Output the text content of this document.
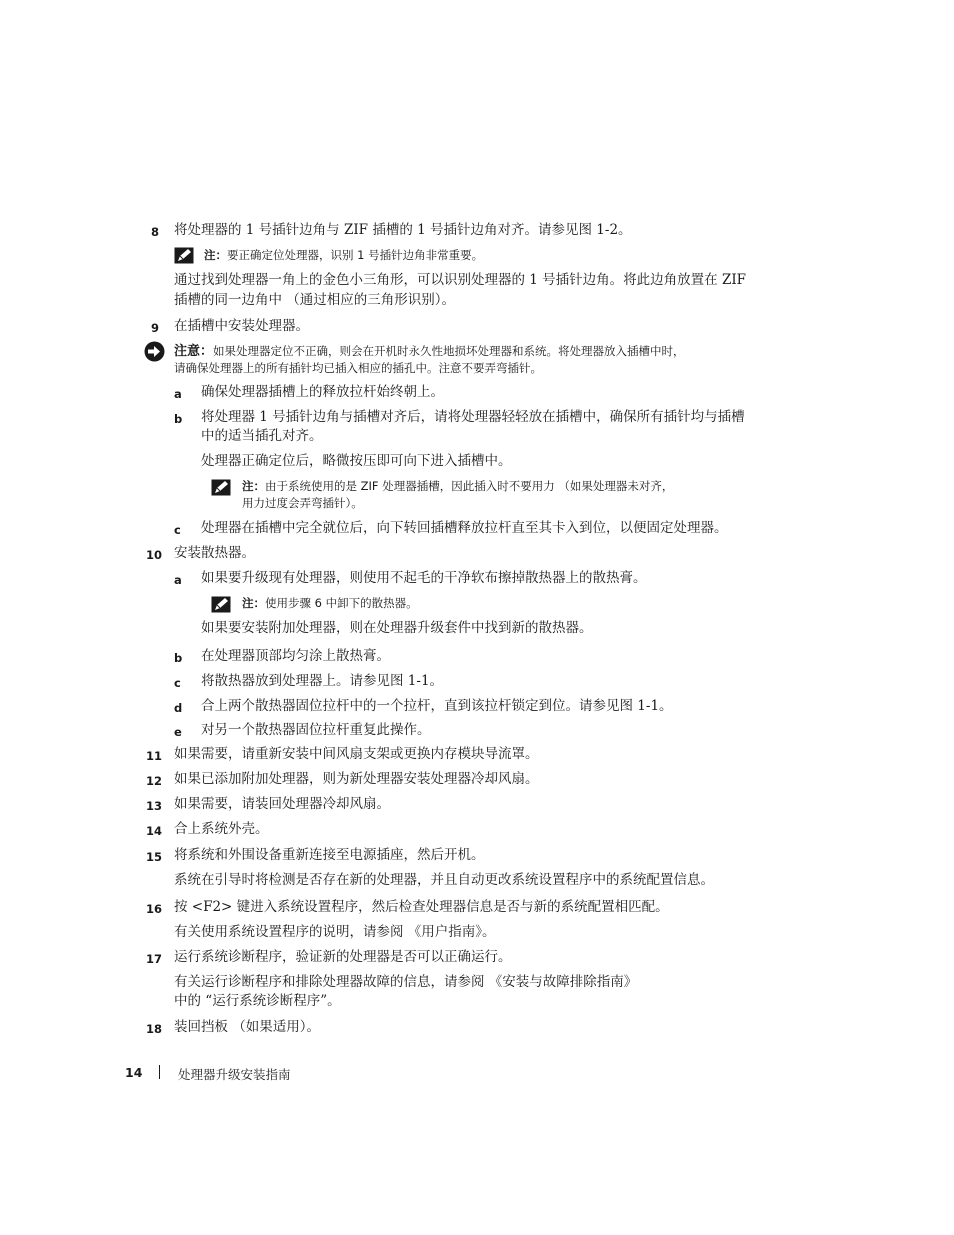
8 将处理器的 1 号插针边角与 ZIF 插槽的 1 号插针边角对齐。请参见图 1-2。
注：要正确定位处理器，识别 1 号插针边角非常重要。
通过找到处理器一角上的金色小三角形，可以识别处理器的 1 号插针边角。将此边角放置在 ZIF
插槽的同一边角中 （通过相应的三角形识别）。
9 在插槽中安装处理器。
注意：如果处理器定位不正确，则会在开机时永久性地损坏处理器和系统。将处理器放入插槽中时，
请确保处理器上的所有插针均已插入相应的插孔中。注意不要弄弯插针。
a 确保处理器插槽上的释放拉杆始终朝上。
b 将处理器 1 号插针边角与插槽对齐后，请将处理器轻轻放在插槽中，确保所有插针均与插槽
中的适当插孔对齐。
处理器正确定位后，略微按压即可向下进入插槽中。
注：由于系统使用的是 ZIF 处理器插槽，因此插入时不要用力 （如果处理器未对齐，
用力过度会弄弯插针）。
c 处理器在插槽中完全就位后，向下转回插槽释放拉杆直至其卡入到位，以便固定处理器。
10 安装散热器。
a 如果要升级现有处理器，则使用不起毛的干净软布擦掉散热器上的散热膏。
注：使用步骤 6 中卸下的散热器。
如果要安装附加处理器，则在处理器升级套件中找到新的散热器。
b 在处理器顶部均匀涂上散热膏。
c 将散热器放到处理器上。请参见图 1-1。
d 合上两个散热器固位拉杆中的一个拉杆，直到该拉杆锁定到位。请参见图 1-1。
e 对另一个散热器固位拉杆重复此操作。
11 如果需要，请重新安装中间风扇支架或更换内存模块导流罩。
12 如果已添加附加处理器，则为新处理器安装处理器冷却风扇。
13 如果需要，请装回处理器冷却风扇。
14 合上系统外壳。
15 将系统和外围设备重新连接至电源插座，然后开机。
系统在引导时将检测是否存在新的处理器，并且自动更改系统设置程序中的系统配置信息。
16 按 <F2> 键进入系统设置程序，然后检查处理器信息是否与新的系统配置相匹配。
有关使用系统设置程序的说明，请参阅 《用户指南》。
17 运行系统诊断程序，验证新的处理器是否可以正确运行。
有关运行诊断程序和排除处理器故障的信息，请参阅 《安装与故障排除指南》
中的 “运行系统诊断程序”。
18 装回挡板 （如果适用）。
14	处理器升级安装指南
